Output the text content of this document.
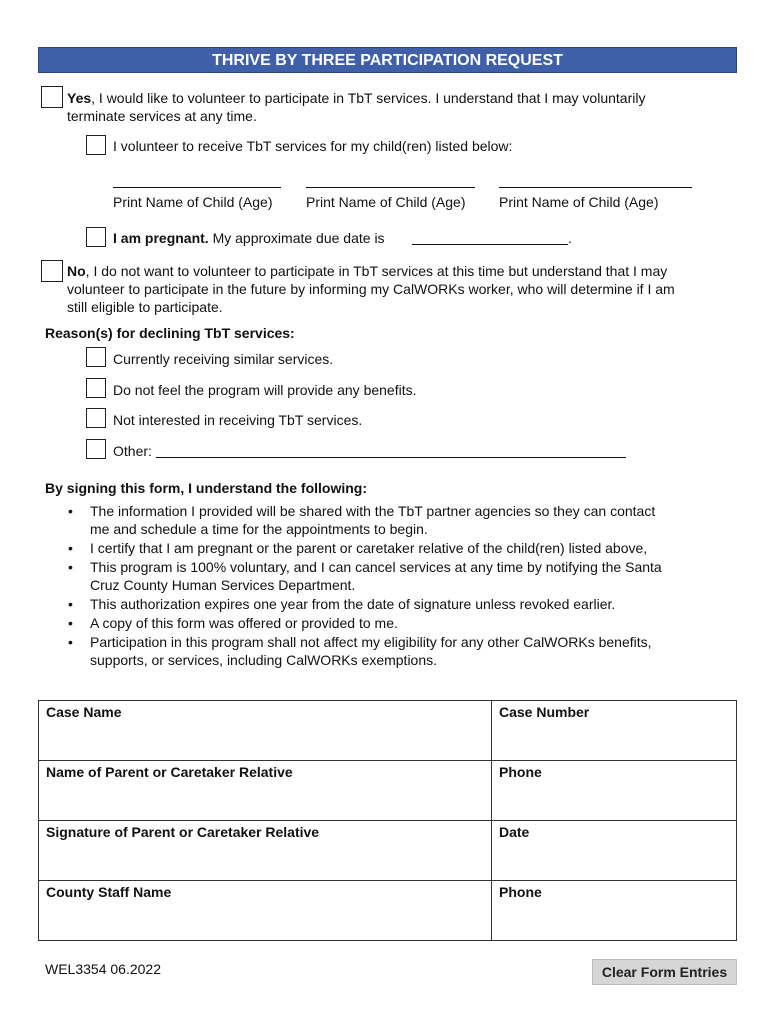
THRIVE BY THREE PARTICIPATION REQUEST
Yes, I would like to volunteer to participate in TbT services. I understand that I may voluntarily
terminate services at any time.
I volunteer to receive TbT services for my child(ren) listed below:
Print Name of Child (Age) Print Name of Child (Age) Print Name of Child (Age)
I am pregnant. My approximate due date is	.
No, I do not want to volunteer to participate in TbT services at this time but understand that I may
volunteer to participate in the future by informing my CalWORKs worker, who will determine if I am
still eligible to participate.
Reason(s) for declining TbT services:
Currently receiving similar services.
Do not feel the program will provide any benefits.
Not interested in receiving TbT services.
Other:
By signing this form, I understand the following:
• The information I provided will be shared with the TbT partner agencies so they can contact
me and schedule a time for the appointments to begin.
• I certify that I am pregnant or the parent or caretaker relative of the child(ren) listed above,
• This program is 100% voluntary, and I can cancel services at any time by notifying the Santa
Cruz County Human Services Department.
• This authorization expires one year from the date of signature unless revoked earlier.
• A copy of this form was offered or provided to me.
• Participation in this program shall not affect my eligibility for any other CalWORKs benefits,
supports, or services, including CalWORKs exemptions.
Case Name	Case Number
Name of Parent or Caretaker Relative	Phone
Signature of Parent or Caretaker Relative	Date
County Staff Name	Phone
WEL3354 06.2022	Clear Form Entries
